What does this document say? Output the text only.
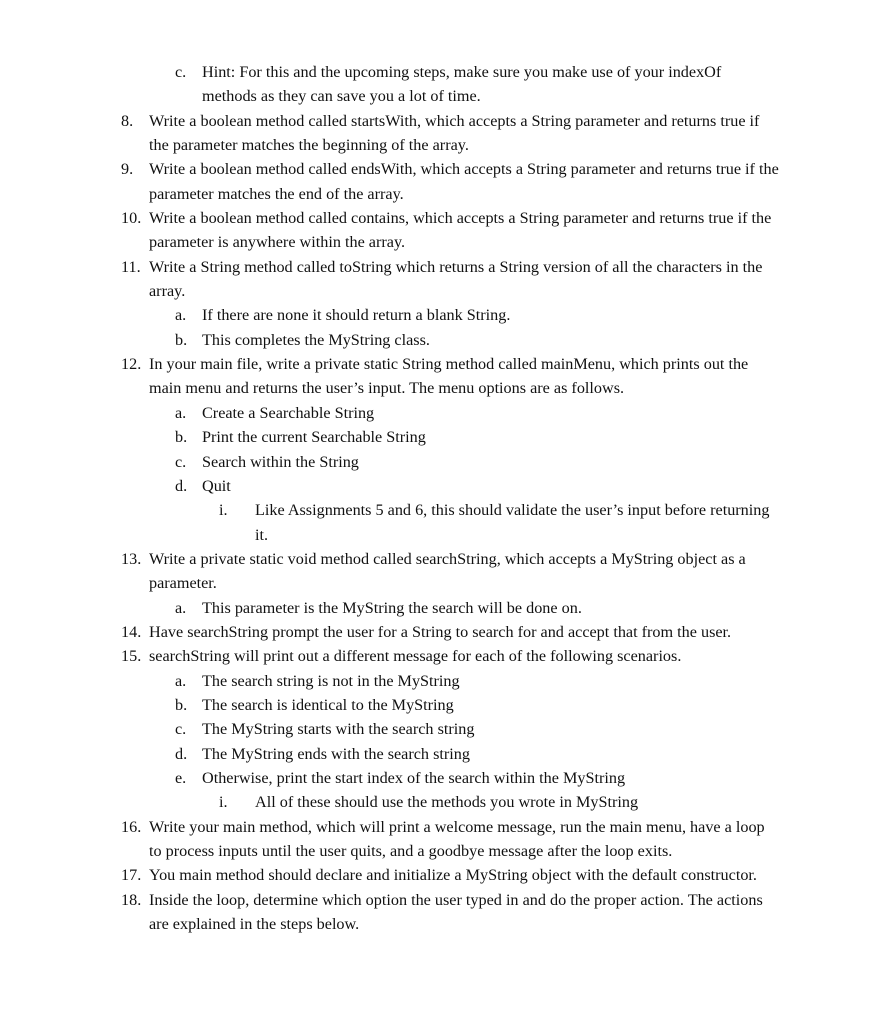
c. Hint: For this and the upcoming steps, make sure you make use of your indexOf methods as they can save you a lot of time.
8. Write a boolean method called startsWith, which accepts a String parameter and returns true if the parameter matches the beginning of the array.
9. Write a boolean method called endsWith, which accepts a String parameter and returns true if the parameter matches the end of the array.
10. Write a boolean method called contains, which accepts a String parameter and returns true if the parameter is anywhere within the array.
11. Write a String method called toString which returns a String version of all the characters in the array.
a. If there are none it should return a blank String.
b. This completes the MyString class.
12. In your main file, write a private static String method called mainMenu, which prints out the main menu and returns the user’s input. The menu options are as follows.
a. Create a Searchable String
b. Print the current Searchable String
c. Search within the String
d. Quit
i. Like Assignments 5 and 6, this should validate the user’s input before returning it.
13. Write a private static void method called searchString, which accepts a MyString object as a parameter.
a. This parameter is the MyString the search will be done on.
14. Have searchString prompt the user for a String to search for and accept that from the user.
15. searchString will print out a different message for each of the following scenarios.
a. The search string is not in the MyString
b. The search is identical to the MyString
c. The MyString starts with the search string
d. The MyString ends with the search string
e. Otherwise, print the start index of the search within the MyString
i. All of these should use the methods you wrote in MyString
16. Write your main method, which will print a welcome message, run the main menu, have a loop to process inputs until the user quits, and a goodbye message after the loop exits.
17. You main method should declare and initialize a MyString object with the default constructor.
18. Inside the loop, determine which option the user typed in and do the proper action. The actions are explained in the steps below.
